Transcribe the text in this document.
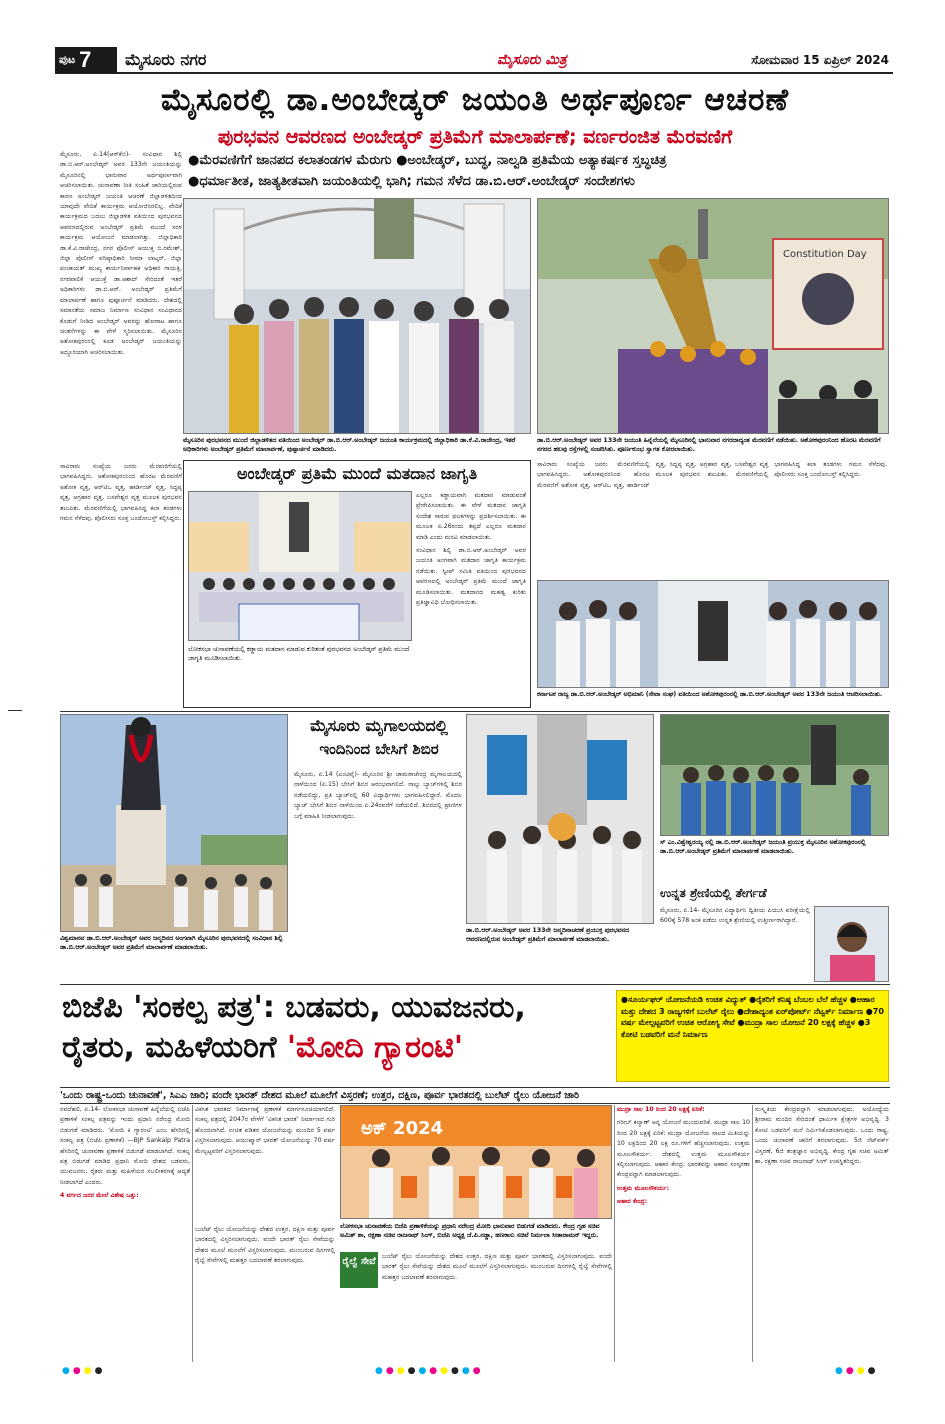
ಪುಟ 7	ಮೈಸೂರು ನಗರ	ಮೈಸೂರು ಮಿತ್ರ	ಸೋಮವಾರ 15 ಏಪ್ರಿಲ್ 2024
ಮೈಸೂರಲ್ಲಿ ಡಾ.ಅಂಬೇಡ್ಕರ್ ಜಯಂತಿ ಅರ್ಥಪೂರ್ಣ ಆಚರಣೆ
ಪುರಭವನ ಆವರಣದ ಅಂಬೇಡ್ಕರ್ ಪ್ರತಿಮೆಗೆ ಮಾಲಾರ್ಪಣೆ; ವರ್ಣರಂಜಿತ ಮೆರವಣಿಗೆ
●ಮೆರವಣಿಗೆಗೆ ಜಾನಪದ ಕಲಾತಂಡಗಳ ಮೆರುಗು ●ಅಂಬೇಡ್ಕರ್, ಬುದ್ಧ, ನಾಲ್ವಡಿ ಪ್ರತಿಮೆಯ ಅತ್ಯಾಕರ್ಷಕ ಸ್ತಬ್ಧಚಿತ್ರ
●ಧರ್ಮಾತೀತ, ಜಾತ್ಯತೀತವಾಗಿ ಜಯಂತಿಯಲ್ಲಿ ಭಾಗಿ; ಗಮನ ಸೆಳೆದ ಡಾ.ಬಿ.ಆರ್.ಅಂಬೇಡ್ಕರ್ ಸಂದೇಶಗಳು

ಮೈಸೂರು, ಏ.14(ಆರ್‌ಕೆಬಿ)- ಸಂವಿಧಾನ ಶಿಲ್ಪಿ ಡಾ.ಬಿ.ಆರ್.ಅಂಬೇಡ್ಕರ್ ಅವರ 133ನೇ ಜಯಂತಿಯನ್ನು ಮೈಸೂರಿನಲ್ಲಿ ಭಾನುವಾರ ಅರ್ಥಪೂರ್ಣವಾಗಿ ಆಚರಿಸಲಾಯಿತು. ಚುನಾವಣಾ ನೀತಿ ಸಂಹಿತೆ ಜಾರಿಯಲ್ಲಿರುವ ಕಾರಣ ಅಂಬೇಡ್ಕರ್ ಜಯಂತಿ ಆಚರಣೆ ಜಿಲ್ಲಾಡಳಿತದಿಂದ ಯಾವುದೇ ವೇದಿಕೆ ಕಾರ್ಯಕ್ರಮ ಆಯೋಜಿಸಿರಲಿಲ್ಲ. ವೇದಿಕೆ ಕಾರ್ಯಕ್ರಮದ ಬದಲು ಜಿಲ್ಲಾಡಳಿತ ವತಿಯಿಂದ ಪುರಭವನದ ಆವರಣದಲ್ಲಿರುವ ಅಂಬೇಡ್ಕರ್ ಪ್ರತಿಮೆ ಮುಂದೆ ಸರಳ ಕಾರ್ಯಕ್ರಮ ಆಯೋಜನೆ ಮಾಡಲಾಗಿತ್ತು. ಜಿಲ್ಲಾಧಿಕಾರಿ ಡಾ.ಕೆ.ವಿ.ರಾಜೇಂದ್ರ, ನಗರ ಪೊಲೀಸ್ ಆಯುಕ್ತ ಬಿ.ರಮೇಶ್, ಜಿಲ್ಲಾ ಪೊಲೀಸ್ ವರಿಷ್ಠಾಧಿಕಾರಿ ಸೀಮಾ ಲಾಟ್ಕರ್, ಜಿಲ್ಲಾ ಪಂಚಾಯತ್ ಮುಖ್ಯ ಕಾರ್ಯನಿರ್ವಾಹಕ ಅಧಿಕಾರಿ ಗಾಯತ್ರಿ, ನಗರಪಾಲಿಕೆ ಆಯುಕ್ತೆ ಡಾ.ಆಶಾದ್ ಸೇರಿದಂತೆ ಇತರೆ ಅಧಿಕಾರಿಗಳು ಡಾ.ಬಿ.ಆರ್. ಅಂಬೇಡ್ಕರ್ ಪ್ರತಿಮೆಗೆ ಮಾಲಾರ್ಪಣೆ ಹಾಗೂ ಪುಷ್ಪಾರ್ಚನೆ ಮಾಡಿದರು. ದೇಶದಲ್ಲಿ ಸಮಾನತೆಯ ಸಮಾಜ ನಿರ್ಮಾಣ ಸಂವಿಧಾನ ಸಂವಿಧಾನದ ಕೊಡುಗೆ ನೀಡಿದ ಅಂಬೇಡ್ಕರ್ ಅವರನ್ನು ಹೋರಾಟ ಹಾಗೂ ಚಿಂತನೆಗಳನ್ನು ಈ ವೇಳೆ ಸ್ಮರಿಸಲಾಯಿತು. ಮೈಸೂರಿನ ಅಶೋಕಪುರಂನಲ್ಲಿ ಕೂಡ ಅಂಬೇಡ್ಕರ್ ಜಯಂತಿಯನ್ನು ಅದ್ದೂರಿಯಾಗಿ ಆಚರಿಸಲಾಯಿತು.

Constitution Day
ಮೈಸೂರಿನ ಪುರಭವನದ ಮುಂದೆ ಜಿಲ್ಲಾಡಳಿತದ ವತಿಯಿಂದ ಅಂಬೇಡ್ಕರ್ ಡಾ.ಬಿ.ಆರ್.ಅಂಬೇಡ್ಕರ್ ಜಯಂತಿ ಕಾರ್ಯಕ್ರಮದಲ್ಲಿ ಜಿಲ್ಲಾಧಿಕಾರಿ ಡಾ.ಕೆ.ವಿ.ರಾಜೇಂದ್ರ, ಇತರೆ ಅಧಿಕಾರಿಗಳು ಅಂಬೇಡ್ಕರ್ ಪ್ರತಿಮೆಗೆ ಮಾಲಾರ್ಪಣೆ, ಪುಷ್ಪಾರ್ಚನೆ ಮಾಡಿದರು.
ಡಾ.ಬಿ.ಆರ್.ಅಂಬೇಡ್ಕರ್ ಅವರ 133ನೇ ಜಯಂತಿ ಹಿನ್ನೆಲೆಯಲ್ಲಿ ಮೈಸೂರಿನಲ್ಲಿ ಭಾನುವಾರ ನಗರದಾದ್ಯಂತ ಮೆರವಣಿಗೆ ನಡೆಯಿತು. ಅಶೋಕಪುರಂನಿಂದ ಹೊರಟ ಮೆರವಣಿಗೆ ನಗರದ ಹಲವು ರಸ್ತೆಗಳಲ್ಲಿ ಸಂಚರಿಸಿತು. ಪೂರ್ಣಕುಂಭ ಸ್ವಾಗತ ಕೋರಲಾಯಿತು.

ಸಾವಿರಾರು ಸಂಖ್ಯೆಯ ಜನರು ಮೆರವಣಿಗೆಯಲ್ಲಿ ಭಾಗವಹಿಸಿದ್ದರು. ಅಶೋಕಪುರಂನಿಂದ ಹೊರಟ ಮೆರವಣಿಗೆ ಅಶೋಕ ವೃತ್ತ, ಆರ್‌ಟಿಒ ವೃತ್ತ, ಹಾರ್ಡಿಂಜ್ ವೃತ್ತ, ಸಿದ್ದಪ್ಪ ವೃತ್ತ, ಅಗ್ರಹಾರ ವೃತ್ತ, ಬಸವೇಶ್ವರ ವೃತ್ತ ಮೂಲಕ ಪುರಭವನ ತಲುಪಿತು. ಮೆರವಣಿಗೆಯಲ್ಲಿ ಭಾಗವಹಿಸಿದ್ದ ಕಲಾ ತಂಡಗಳು ಗಮನ ಸೆಳೆದವು. ಪೊಲೀಸರು ಸೂಕ್ತ ಬಂದೋಬಸ್ತ್ ಕಲ್ಪಿಸಿದ್ದರು.

ಅಂಬೇಡ್ಕರ್ ಪ್ರತಿಮೆ ಮುಂದೆ ಮತದಾನ ಜಾಗೃತಿ
ಲೋಕಸಭಾ ಚುನಾವಣೆಯಲ್ಲಿ ಕಡ್ಡಾಯ ಮತದಾನ ಮಾಡುವ ಕುರಿತಂತೆ ಪುರಭವನದ ಅಂಬೇಡ್ಕರ್ ಪ್ರತಿಮೆ ಮುಂದೆ ಜಾಗೃತಿ ಮೂಡಿಸಲಾಯಿತು.

ಎಲ್ಲರೂ ಕಡ್ಡಾಯವಾಗಿ ಮತದಾನ ಮಾಡುವಂತೆ ಪ್ರೇರೇಪಿಸಲಾಯಿತು. ಈ ವೇಳೆ ಮತದಾನ ಜಾಗೃತಿ ಸಂದೇಶ ಸಾರುವ ಫಲಕಗಳನ್ನು ಪ್ರದರ್ಶಿಸಲಾಯಿತು. ಈ ಮೂಲಕ ಏ.26ರಂದು ತಪ್ಪದೆ ಎಲ್ಲರೂ ಮತದಾನ ಮಾಡಿ ಎಂದು ಮನವಿ ಮಾಡಲಾಯಿತು.

ಸಂವಿಧಾನ ಶಿಲ್ಪಿ ಡಾ.ಬಿ.ಆರ್.ಅಂಬೇಡ್ಕರ್ ಅವರ ಜಯಂತಿ ಅಂಗವಾಗಿ ಮತದಾನ ಜಾಗೃತಿ ಕಾರ್ಯಕ್ರಮ ನಡೆಯಿತು. ಸ್ವೀಪ್ ಸಮಿತಿ ವತಿಯಿಂದ ಪುರಭವನದ ಆವರಣದಲ್ಲಿ ಅಂಬೇಡ್ಕರ್ ಪ್ರತಿಮೆ ಮುಂದೆ ಜಾಗೃತಿ ಮೂಡಿಸಲಾಯಿತು. ಮತದಾನದ ಮಹತ್ವ ಕುರಿತು ಪ್ರತಿಜ್ಞಾವಿಧಿ ಬೋಧಿಸಲಾಯಿತು.

ಸಾವಿರಾರು ಸಂಖ್ಯೆಯ ಜನರು ಮೆರವಣಿಗೆಯಲ್ಲಿ ಭಾಗವಹಿಸಿದ್ದರು. ಅಶೋಕಪುರಂನಿಂದ ಹೊರಟ ಮೆರವಣಿಗೆ ಅಶೋಕ ವೃತ್ತ, ಆರ್‌ಟಿಒ ವೃತ್ತ, ಹಾರ್ಡಿಂಜ್ ವೃತ್ತ, ಸಿದ್ದಪ್ಪ ವೃತ್ತ, ಅಗ್ರಹಾರ ವೃತ್ತ, ಬಸವೇಶ್ವರ ವೃತ್ತ ಮೂಲಕ ಪುರಭವನ ತಲುಪಿತು. ಮೆರವಣಿಗೆಯಲ್ಲಿ ಭಾಗವಹಿಸಿದ್ದ ಕಲಾ ತಂಡಗಳು ಗಮನ ಸೆಳೆದವು. ಪೊಲೀಸರು ಸೂಕ್ತ ಬಂದೋಬಸ್ತ್ ಕಲ್ಪಿಸಿದ್ದರು.

ಕರ್ನಾಟಕ ರಾಜ್ಯ ಡಾ.ಬಿ.ಆರ್.ಅಂಬೇಡ್ಕರ್ ಅಭಿಮಾನಿ (ಸೇವಾ ಸಂಘ) ವತಿಯಿಂದ ಅಶೋಕಪುರಂನಲ್ಲಿ ಡಾ.ಬಿ.ಆರ್.ಅಂಬೇಡ್ಕರ್ ಅವರ 133ನೇ ಜಯಂತಿ ಆಚರಿಸಲಾಯಿತು.
ವಿಶ್ವಮಾನವ ಡಾ.ಬಿ.ಆರ್.ಅಂಬೇಡ್ಕರ್ ಅವರ ಜನ್ಮದಿನದ ಅಂಗವಾಗಿ ಮೈಸೂರಿನ ಪುರಭವನದಲ್ಲಿ ಸಂವಿಧಾನ ಶಿಲ್ಪಿ ಡಾ.ಬಿ.ಆರ್.ಅಂಬೇಡ್ಕರ್ ಅವರ ಪ್ರತಿಮೆಗೆ ಮಾಲಾರ್ಪಣೆ ಮಾಡಲಾಯಿತು.
ಮೈಸೂರು ಮೃಗಾಲಯದಲ್ಲಿ
ಇಂದಿನಿಂದ ಬೇಸಿಗೆ ಶಿಬಿರ

ಮೈಸೂರು, ಏ.14 (ಎಂಟಿವೈ)- ಮೈಸೂರಿನ ಶ್ರೀ ಚಾಮರಾಜೇಂದ್ರ ಮೃಗಾಲಯದಲ್ಲಿ ನಾಳೆಯಿಂದ (ಏ.15) ಬೇಸಿಗೆ ಶಿಬಿರ ಆರಂಭವಾಗಲಿದೆ. ನಾಲ್ಕು ಬ್ಯಾಚ್‌ಗಳಲ್ಲಿ ಶಿಬಿರ ನಡೆಯಲಿದ್ದು, ಪ್ರತಿ ಬ್ಯಾಚ್‌ನಲ್ಲಿ 60 ವಿದ್ಯಾರ್ಥಿಗಳು ಭಾಗವಹಿಸಲಿದ್ದಾರೆ. ಮೊದಲ ಬ್ಯಾಚ್ ಬೇಸಿಗೆ ಶಿಬಿರ ನಾಳೆಯಿಂದ ಏ.24ರವರೆಗೆ ನಡೆಯಲಿದೆ. ಶಿಬಿರದಲ್ಲಿ ಪ್ರಾಣಿಗಳ ಬಗ್ಗೆ ಮಾಹಿತಿ ನೀಡಲಾಗುವುದು.

ಡಾ.ಬಿ.ಆರ್.ಅಂಬೇಡ್ಕರ್ ಅವರ 133ನೇ ಜನ್ಮದಿನಾಚರಣೆ ಪ್ರಯುಕ್ತ ಪುರಭವನದ ಆವರಣದಲ್ಲಿರುವ ಅಂಬೇಡ್ಕರ್ ಪ್ರತಿಮೆಗೆ ಮಾಲಾರ್ಪಣೆ ಮಾಡಲಾಯಿತು.
ಸ್ ಎಂ.ವಿಶ್ವೇಶ್ವರಯ್ಯ ನಲ್ಲಿ ಡಾ.ಬಿ.ಆರ್.ಅಂಬೇಡ್ಕರ್ ಜಯಂತಿ ಪ್ರಯುಕ್ತ ಮೈಸೂರಿನ ಅಶೋಕಪುರಂನಲ್ಲಿ ಡಾ.ಬಿ.ಆರ್.ಅಂಬೇಡ್ಕರ್ ಪ್ರತಿಮೆಗೆ ಮಾಲಾರ್ಪಣೆ ಮಾಡಲಾಯಿತು.
ಉನ್ನತ ಶ್ರೇಣಿಯಲ್ಲಿ ತೇರ್ಗಡೆ

ಮೈಸೂರು, ಏ.14- ಮೈಸೂರಿನ ವಿದ್ಯಾರ್ಥಿನಿ ದ್ವಿತೀಯ ಪಿಯುಸಿ ಪರೀಕ್ಷೆಯಲ್ಲಿ 600ಕ್ಕೆ 578 ಅಂಕ ಪಡೆದು ಉನ್ನತ ಶ್ರೇಣಿಯಲ್ಲಿ ಉತ್ತೀರ್ಣರಾಗಿದ್ದಾರೆ.

ಬಿಜೆಪಿ 'ಸಂಕಲ್ಪ ಪತ್ರ': ಬಡವರು, ಯುವಜನರು,
ರೈತರು, ಮಹಿಳೆಯರಿಗೆ 'ಮೋದಿ ಗ್ಯಾರಂಟಿ'
●ಸೂರ್ಯಘರ್ ಯೋಜನೆಯಡಿ ಉಚಿತ ವಿದ್ಯುತ್ ●ರೈತರಿಗೆ ಕನಿಷ್ಠ ಬೆಂಬಲ ಬೆಲೆ ಹೆಚ್ಚಳ ●ಆಹಾರ ಮತ್ತು ದೇಶದ 3 ರಾಜ್ಯಗಳಿಗೆ ಬುಲೆಟ್ ರೈಲು ●ದೇಶಾದ್ಯಂತ ಏರ್‌ಪೋರ್ಟ್ ನೆಟ್ವರ್ಕ್ ನಿರ್ಮಾಣ ●70 ವರ್ಷ ಮೇಲ್ಪಟ್ಟವರಿಗೆ ಉಚಿತ ಆರೋಗ್ಯ ಸೇವೆ ●ಮುದ್ರಾ ಸಾಲ ಯೋಜನೆ 20 ಲಕ್ಷಕ್ಕೆ ಹೆಚ್ಚಳ ●3 ಕೋಟಿ ಬಡವರಿಗೆ ಮನೆ ನಿರ್ಮಾಣ
'ಒಂದು ರಾಷ್ಟ್ರ-ಒಂದು ಚುನಾವಣೆ', ಸಿಎಎ ಜಾರಿ; ವಂದೇ ಭಾರತ್ ದೇಶದ ಮೂಲೆ ಮೂಲೆಗೆ ವಿಸ್ತರಣೆ; ಉತ್ತರ, ದಕ್ಷಿಣ, ಪೂರ್ವ ಭಾರತದಲ್ಲಿ ಬುಲೆಟ್ ರೈಲು ಯೋಜನೆ ಜಾರಿ

ನವದೆಹಲಿ, ಏ.14- ಲೋಕಸಭಾ ಚುನಾವಣೆ ಹಿನ್ನೆಲೆಯಲ್ಲಿ ಬಿಜೆಪಿ ಪ್ರಣಾಳಿಕೆ ಸಂಕಲ್ಪ ಪತ್ರವನ್ನು ಇಂದು ಪ್ರಧಾನಿ ನರೇಂದ್ರ ಮೋದಿ ಬಿಡುಗಡೆ ಮಾಡಿದರು. ‘ಮೋದಿ ಕಿ ಗ್ಯಾರಂಟಿ’ ಎಂಬ ಹೆಸರಿನಲ್ಲಿ ಸಂಕಲ್ಪ ಪತ್ರ (ಬಿಜೆಪಿ ಪ್ರಣಾಳಿಕೆ) —BJP Sankalp Patra ಹೆಸರಿನಲ್ಲಿ ಚುನಾವಣಾ ಪ್ರಣಾಳಿಕೆ ಬಿಡುಗಡೆ ಮಾಡಲಾಗಿದೆ. ಸಂಕಲ್ಪ ಪತ್ರ ಬಿಡುಗಡೆ ಮಾಡಿದ ಪ್ರಧಾನಿ ಮೋದಿ ದೇಶದ ಬಡವರು, ಯುವಜನರು, ರೈತರು ಮತ್ತು ಮಹಿಳೆಯರ ಸಬಲೀಕರಣಕ್ಕೆ ಆದ್ಯತೆ ನೀಡಲಾಗಿದೆ ಎಂದರು.

4 ವರ್ಗದ ಜನರ ಮೇಲೆ ವಿಶೇಷ ಒತ್ತು:

ವಿಕಸಿತ ಭಾರತದ ನಿರ್ಮಾಣಕ್ಕೆ ಪ್ರಣಾಳಿಕೆ ಮಾರ್ಗಸೂಚಿಯಾಗಲಿದೆ. ಸಂಕಲ್ಪ ಪತ್ರದಲ್ಲಿ 2047ರ ವೇಳೆಗೆ ‘ವಿಕಸಿತ ಭಾರತ’ ನಿರ್ಮಾಣದ ಗುರಿ ಹೊಂದಲಾಗಿದೆ. ಉಚಿತ ಪಡಿತರ ಯೋಜನೆಯನ್ನು ಮುಂದಿನ 5 ವರ್ಷ ವಿಸ್ತರಿಸಲಾಗುವುದು. ಆಯುಷ್ಮಾನ್ ಭಾರತ್ ಯೋಜನೆಯನ್ನು 70 ವರ್ಷ ಮೇಲ್ಪಟ್ಟವರಿಗೆ ವಿಸ್ತರಿಸಲಾಗುವುದು.

ಅಕ್ 2024
ಲೋಕಸಭಾ ಚುನಾವಣೆಯ ಬಿಜೆಪಿ ಪ್ರಣಾಳಿಕೆಯನ್ನು ಪ್ರಧಾನಿ ನರೇಂದ್ರ ಮೋದಿ ಭಾನುವಾರ ಬಿಡುಗಡೆ ಮಾಡಿದರು. ಕೇಂದ್ರ ಗೃಹ ಸಚಿವ ಅಮಿತ್ ಶಾ, ರಕ್ಷಣಾ ಸಚಿವ ರಾಜನಾಥ್ ಸಿಂಗ್, ಬಿಜೆಪಿ ಅಧ್ಯಕ್ಷ ಜೆ.ಪಿ.ನಡ್ಡಾ, ಹಣಕಾಸು ಸಚಿವೆ ನಿರ್ಮಲಾ ಸೀತಾರಾಮನ್ ಇದ್ದರು.
ರೈಲ್ವೆ ಸೇವೆ	ಬುಲೆಟ್ ರೈಲು ಯೋಜನೆಯನ್ನು ದೇಶದ ಉತ್ತರ, ದಕ್ಷಿಣ ಮತ್ತು ಪೂರ್ವ ಭಾರತದಲ್ಲಿ ವಿಸ್ತರಿಸಲಾಗುವುದು. ವಂದೇ ಭಾರತ್ ರೈಲು ಸೇವೆಯನ್ನು ದೇಶದ ಮೂಲೆ ಮೂಲೆಗೆ ವಿಸ್ತರಿಸಲಾಗುವುದು. ಮುಂಬರುವ ದಿನಗಳಲ್ಲಿ ರೈಲ್ವೆ ಸೇವೆಗಳಲ್ಲಿ ಮಹತ್ತರ ಬದಲಾವಣೆ ತರಲಾಗುವುದು.

ಬುಲೆಟ್ ರೈಲು ಯೋಜನೆಯನ್ನು ದೇಶದ ಉತ್ತರ, ದಕ್ಷಿಣ ಮತ್ತು ಪೂರ್ವ ಭಾರತದಲ್ಲಿ ವಿಸ್ತರಿಸಲಾಗುವುದು. ವಂದೇ ಭಾರತ್ ರೈಲು ಸೇವೆಯನ್ನು ದೇಶದ ಮೂಲೆ ಮೂಲೆಗೆ ವಿಸ್ತರಿಸಲಾಗುವುದು. ಮುಂಬರುವ ದಿನಗಳಲ್ಲಿ ರೈಲ್ವೆ ಸೇವೆಗಳಲ್ಲಿ ಮಹತ್ತರ ಬದಲಾವಣೆ ತರಲಾಗುವುದು.

ಮುದ್ರಾ ಸಾಲ 10 ರಿಂದ 20 ಲಕ್ಷಕ್ಕೆ ಏರಿಕೆ:

ಗರೀಬ್ ಕಲ್ಯಾಣ್ ಅನ್ನ ಯೋಜನೆ ಮುಂದುವರಿಕೆ. ಮುದ್ರಾ ಸಾಲ 10 ರಿಂದ 20 ಲಕ್ಷಕ್ಕೆ ಏರಿಕೆ: ಮುದ್ರಾ ಯೋಜನೆಯ ಸಾಲದ ಮಿತಿಯನ್ನು 10 ಲಕ್ಷದಿಂದ 20 ಲಕ್ಷ ರೂ.ಗಳಿಗೆ ಹೆಚ್ಚಿಸಲಾಗುವುದು. ಉತ್ತಮ ಮೂಲಸೌಕರ್ಯ: ದೇಶದಲ್ಲಿ ಉತ್ತಮ ಮೂಲಸೌಕರ್ಯ ಕಲ್ಪಿಸಲಾಗುವುದು. ಆಹಾರ ಕೇಂದ್ರ: ಭಾರತವನ್ನು ಆಹಾರ ಸಂಸ್ಕರಣಾ ಕೇಂದ್ರವನ್ನಾಗಿ ಮಾಡಲಾಗುವುದು.

ಉತ್ತಮ ಮೂಲಸೌಕರ್ಯ:

ಆಹಾರ ಕೇಂದ್ರ:

ಸಂಸ್ಕೃತಿಯ ಕೇಂದ್ರವನ್ನಾಗಿ ಮಾಡಲಾಗುವುದು. ಅಯೋಧ್ಯೆಯ ಶ್ರೀರಾಮ ಮಂದಿರ ಸೇರಿದಂತೆ ಧಾರ್ಮಿಕ ಕ್ಷೇತ್ರಗಳ ಅಭಿವೃದ್ಧಿ. 3 ಕೋಟಿ ಬಡವರಿಗೆ ಮನೆ ನಿರ್ಮಿಸಿಕೊಡಲಾಗುವುದು. ಒಂದು ರಾಷ್ಟ್ರ, ಒಂದು ಚುನಾವಣೆ ಜಾರಿಗೆ ತರಲಾಗುವುದು. 5ಜಿ ನೆಟ್‌ವರ್ಕ್ ವಿಸ್ತರಣೆ, 6ಜಿ ತಂತ್ರಜ್ಞಾನ ಅಭಿವೃದ್ಧಿ. ಕೇಂದ್ರ ಗೃಹ ಸಚಿವ ಅಮಿತ್ ಶಾ, ರಕ್ಷಣಾ ಸಚಿವ ರಾಜನಾಥ್ ಸಿಂಗ್ ಉಪಸ್ಥಿತರಿದ್ದರು.

●●●●	●●●●●●●●●●	●●●●
